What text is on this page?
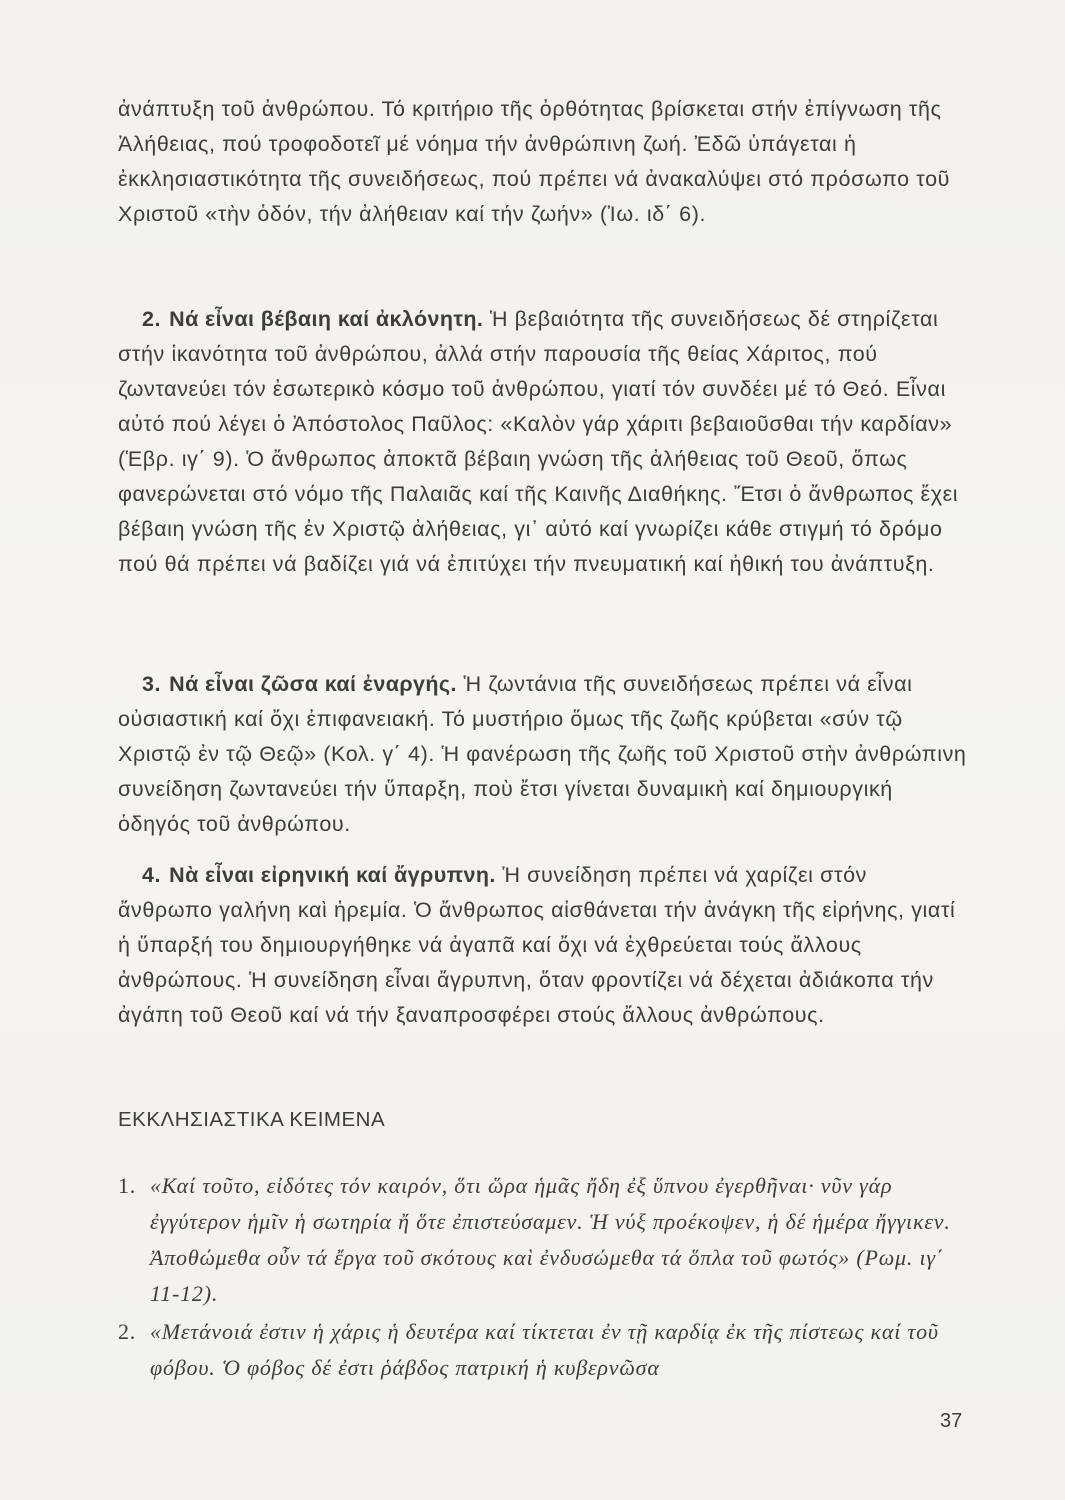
ἀνάπτυξη τοῦ ἀνθρώπου. Τό κριτήριο τῆς ὀρθότητας βρίσκεται στήν ἐπίγνωση τῆς Ἀλήθειας, πού τροφοδοτεῖ μέ νόημα τήν ἀνθρώπινη ζωή. Ἐδῶ ὑπάγεται ἡ ἐκκλησιαστικότητα τῆς συνειδήσεως, πού πρέπει νά ἀνακαλύψει στό πρόσωπο τοῦ Χριστοῦ «τὴν ὁδόν, τήν ἀλήθειαν καί τήν ζωήν» (Ἰω. ιδ΄ 6).
2. Νά εἶναι βέβαιη καί ἀκλόνητη. Ἡ βεβαιότητα τῆς συνειδήσεως δέ στηρίζεται στήν ἱκανότητα τοῦ ἀνθρώπου, ἀλλά στήν παρουσία τῆς θείας Χάριτος, πού ζωντανεύει τόν ἐσωτερικὸ κόσμο τοῦ ἀνθρώπου, γιατί τόν συνδέει μέ τό Θεό. Εἶναι αὐτό πού λέγει ὁ Ἀπόστολος Παῦλος: «Καλὸν γάρ χάριτι βεβαιοῦσθαι τήν καρδίαν» (Ἑβρ. ιγ΄ 9). Ὁ ἄνθρωπος ἀποκτᾶ βέβαιη γνώση τῆς ἀλήθειας τοῦ Θεοῦ, ὅπως φανερώνεται στό νόμο τῆς Παλαιᾶς καί τῆς Καινῆς Διαθήκης. Ἔτσι ὁ ἄνθρωπος ἔχει βέβαιη γνώση τῆς ἐν Χριστῷ ἀλήθειας, γι᾽ αὐτό καί γνωρίζει κάθε στιγμή τό δρόμο πού θά πρέπει νά βαδίζει γιά νά ἐπιτύχει τήν πνευματική καί ἠθική του ἀνάπτυξη.
3. Νά εἶναι ζῶσα καί ἐναργής. Ἡ ζωντάνια τῆς συνειδήσεως πρέπει νά εἶναι οὐσιαστική καί ὄχι ἐπιφανειακή. Τό μυστήριο ὅμως τῆς ζωῆς κρύβεται «σύν τῷ Χριστῷ ἐν τῷ Θεῷ» (Κολ. γ΄ 4). Ἡ φανέρωση τῆς ζωῆς τοῦ Χριστοῦ στὴν ἀνθρώπινη συνείδηση ζωντανεύει τήν ὕπαρξη, ποὺ ἔτσι γίνεται δυναμικὴ καί δημιουργική ὁδηγός τοῦ ἀνθρώπου.
4. Νὰ εἶναι εἰρηνική καί ἄγρυπνη. Ἡ συνείδηση πρέπει νά χαρίζει στόν ἄνθρωπο γαλήνη καὶ ἠρεμία. Ὁ ἄνθρωπος αἰσθάνεται τήν ἀνάγκη τῆς εἰρήνης, γιατί ἡ ὕπαρξή του δημιουργήθηκε νά ἀγαπᾶ καί ὄχι νά ἐχθρεύεται τούς ἄλλους ἀνθρώπους. Ἡ συνείδηση εἶναι ἄγρυπνη, ὅταν φροντίζει νά δέχεται ἀδιάκοπα τήν ἀγάπη τοῦ Θεοῦ καί νά τήν ξαναπροσφέρει στούς ἄλλους ἀνθρώπους.
ΕΚΚΛΗΣΙΑΣΤΙΚΑ ΚΕΙΜΕΝΑ
1. «Καί τοῦτο, εἰδότες τόν καιρόν, ὅτι ὥρα ἡμᾶς ἤδη ἐξ ὕπνου ἐγερθῆναι· νῦν γάρ ἐγγύτερον ἡμῖν ἡ σωτηρία ἤ ὅτε ἐπιστεύσαμεν. Ἡ νύξ προέκοψεν, ἡ δέ ἡμέρα ἤγγικεν. Ἀποθώμεθα οὖν τά ἔργα τοῦ σκότους καὶ ἐνδυσώμεθα τά ὅπλα τοῦ φωτός» (Ρωμ. ιγ΄ 11-12).
2. «Μετάνοιά ἐστιν ἡ χάρις ἡ δευτέρα καί τίκτεται ἐν τῇ καρδίᾳ ἐκ τῆς πίστεως καί τοῦ φόβου. Ὁ φόβος δέ ἐστι ῥάβδος πατρική ἡ κυβερνῶσα
37
